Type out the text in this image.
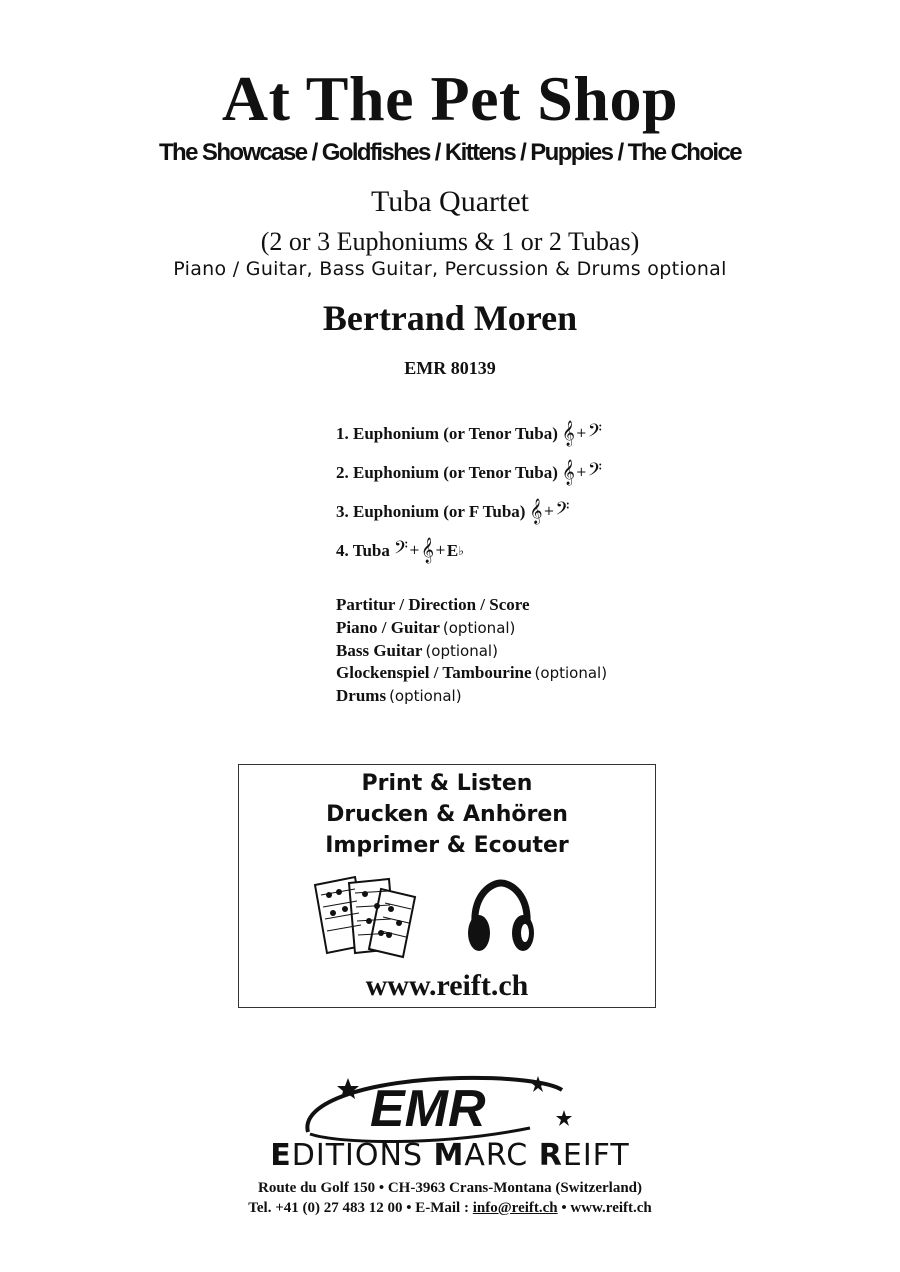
At The Pet Shop
The Showcase / Goldfishes / Kittens / Puppies / The Choice
Tuba Quartet
(2 or 3 Euphoniums & 1 or 2 Tubas)
Piano / Guitar, Bass Guitar, Percussion & Drums optional
Bertrand Moren
EMR 80139
1. Euphonium (or Tenor Tuba) 𝄞 + 𝄢
2. Euphonium (or Tenor Tuba) 𝄞 + 𝄢
3. Euphonium (or F Tuba) 𝄞 + 𝄢
4. Tuba 𝄢 + 𝄞 + E ♭
Partitur / Direction / Score
Piano / Guitar (optional)
Bass Guitar (optional)
Glockenspiel / Tambourine (optional)
Drums (optional)
Print & Listen
Drucken & Anhören
Imprimer & Ecouter
www.reift.ch
EMR
EDITIONS MARC REIFT
Route du Golf 150 • CH-3963 Crans-Montana (Switzerland)
Tel. +41 (0) 27 483 12 00 • E-Mail : info@reift.ch • www.reift.ch
